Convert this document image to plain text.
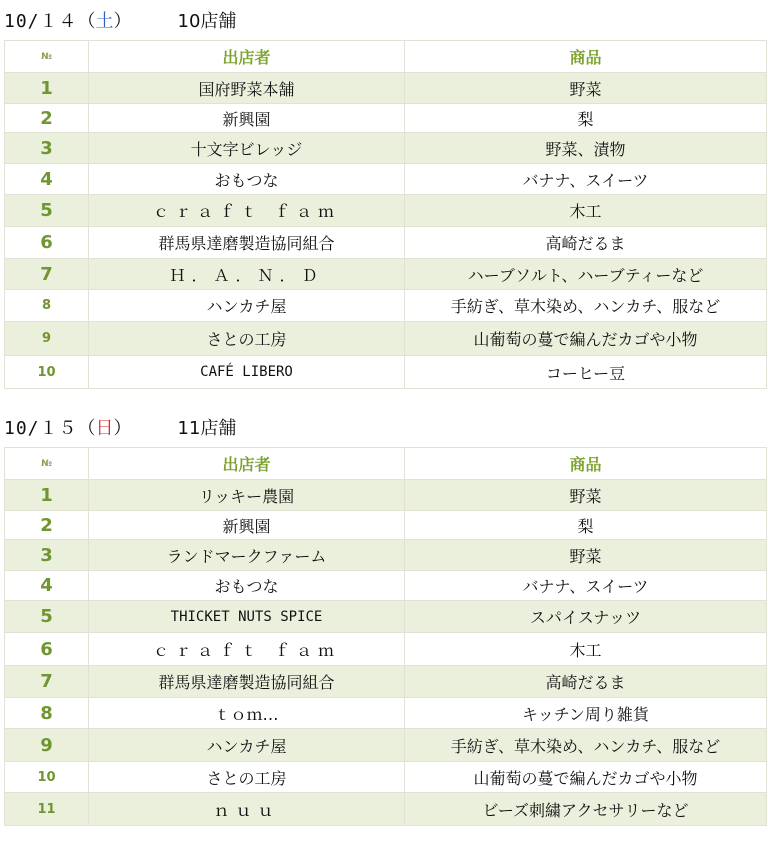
10/１４ （ 土 ）	10店舗
№	出店者	商品
1	国府野菜本舗	野菜
2	新興園	梨
3	十文字ビレッジ	野菜、漬物
4	おもつな	バナナ、スイーツ
5	ｃｒａｆｔ ｆａｍ	木工
6	群馬県達磨製造協同組合	高崎だるま
7	Ｈ．Ａ．Ｎ．Ｄ	ハーブソルト、ハーブティーなど
8	ハンカチ屋	手紡ぎ、草木染め、ハンカチ、服など
9	さとの工房	山葡萄の蔓で編んだカゴや小物
10	CAFÉ LIBERO	コーヒー豆
10/１５ （ 日 ）	11店舗
№	出店者	商品
1	リッキー農園	野菜
2	新興園	梨
3	ランドマークファーム	野菜
4	おもつな	バナナ、スイーツ
5	THICKET NUTS SPICE	スパイスナッツ
6	ｃｒａｆｔ ｆａｍ	木工
7	群馬県達磨製造協同組合	高崎だるま
8	ｔｏｍ…	キッチン周り雑貨
9	ハンカチ屋	手紡ぎ、草木染め、ハンカチ、服など
10	さとの工房	山葡萄の蔓で編んだカゴや小物
11	ｎｕｕ	ビーズ刺繍アクセサリーなど
